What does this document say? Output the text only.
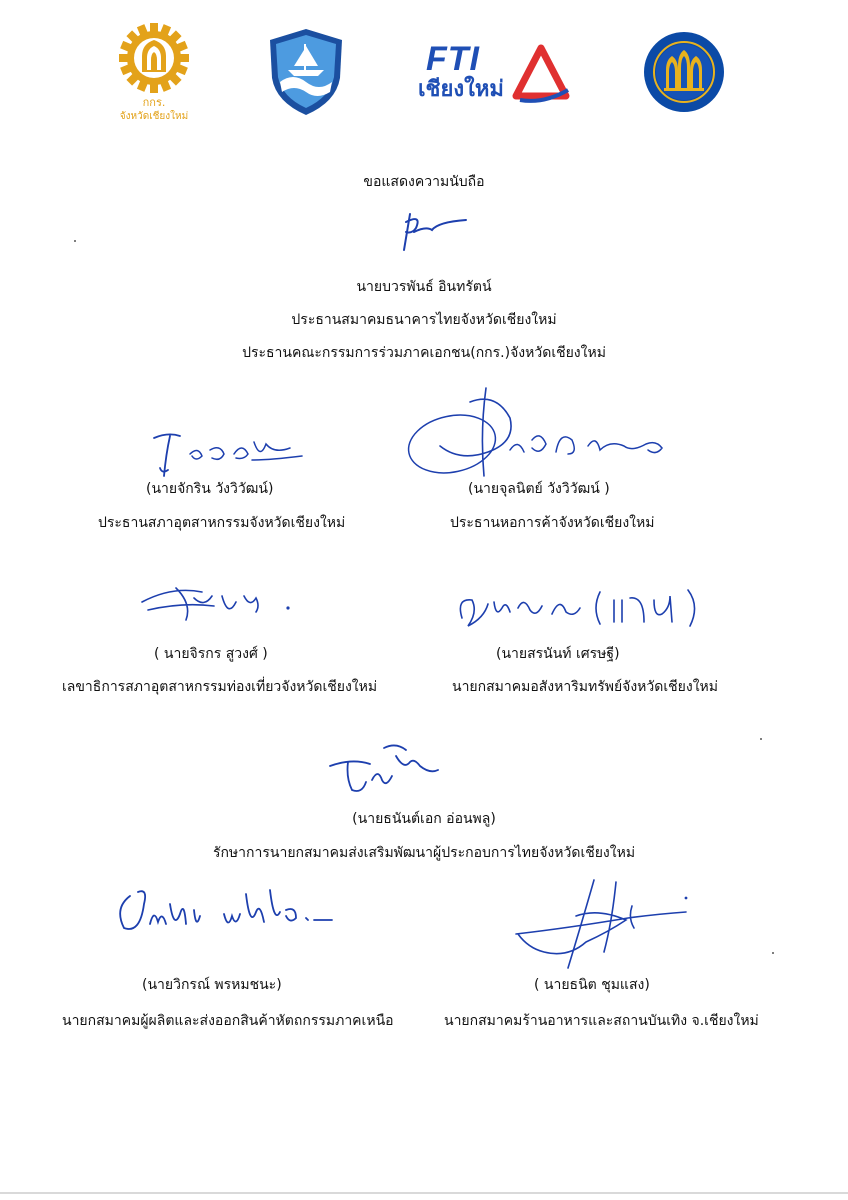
กกร.
จังหวัดเชียงใหม่
FTI
เชียงใหม่
ขอแสดงความนับถือ
นายบวรพันธ์ อินทรัตน์
ประธานสมาคมธนาคารไทยจังหวัดเชียงใหม่
ประธานคณะกรรมการร่วมภาคเอกชน(กกร.)จังหวัดเชียงใหม่
(นายจักริน วังวิวัฒน์)
ประธานสภาอุตสาหกรรมจังหวัดเชียงใหม่
(นายจุลนิตย์ วังวิวัฒน์ )
ประธานหอการค้าจังหวัดเชียงใหม่
( นายจิรกร สูวงศ์ )
เลขาธิการสภาอุตสาหกรรมท่องเที่ยวจังหวัดเชียงใหม่
(นายสรนันท์ เศรษฐี)
นายกสมาคมอสังหาริมทรัพย์จังหวัดเชียงใหม่
(นายธนันต์เอก อ่อนพลู)
รักษาการนายกสมาคมส่งเสริมพัฒนาผู้ประกอบการไทยจังหวัดเชียงใหม่
(นายวิกรณ์ พรหมชนะ)
นายกสมาคมผู้ผลิตและส่งออกสินค้าหัตถกรรมภาคเหนือ
( นายธนิต ชุมแสง)
นายกสมาคมร้านอาหารและสถานบันเทิง จ.เชียงใหม่
